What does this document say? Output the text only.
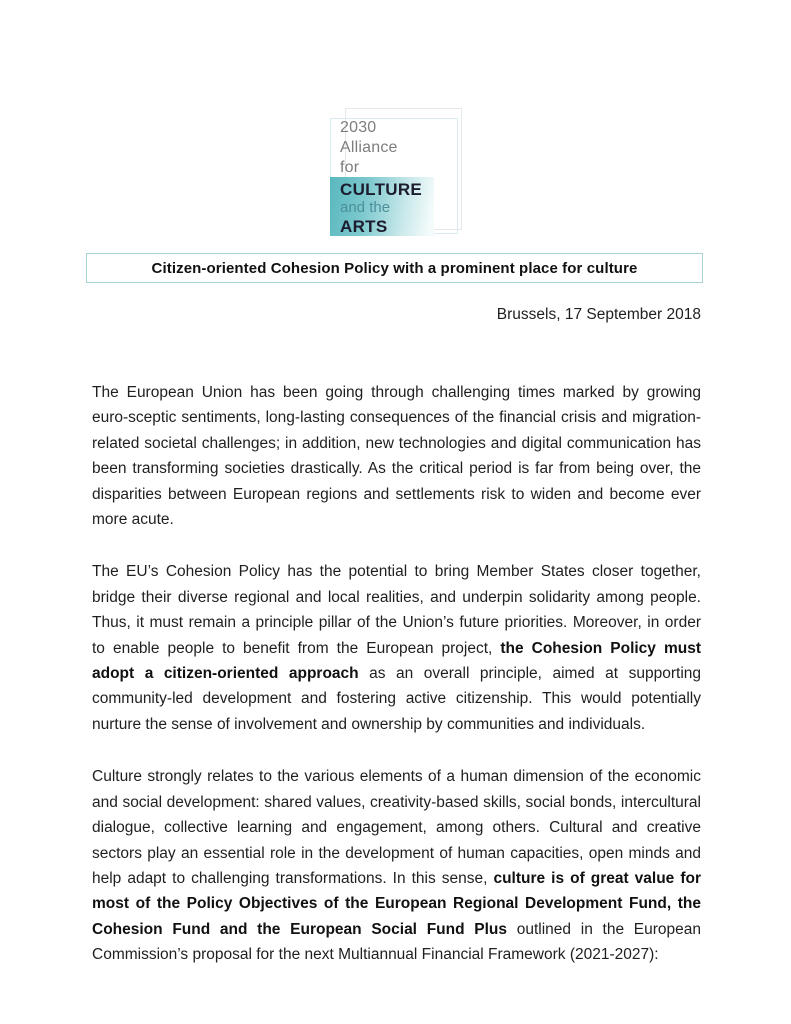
2030
Alliance
for
CULTURE
and the
ARTS
Citizen-oriented Cohesion Policy with a prominent place for culture
Brussels, 17 September 2018

The European Union has been going through challenging times marked by growing euro-sceptic sentiments, long-lasting consequences of the financial crisis and migration-related societal challenges; in addition, new technologies and digital communication has been transforming societies drastically. As the critical period is far from being over, the disparities between European regions and settlements risk to widen and become ever more acute.

The EU’s Cohesion Policy has the potential to bring Member States closer together, bridge their diverse regional and local realities, and underpin solidarity among people. Thus, it must remain a principle pillar of the Union’s future priorities. Moreover, in order to enable people to benefit from the European project, the Cohesion Policy must adopt a citizen-oriented approach as an overall principle, aimed at supporting community-led development and fostering active citizenship. This would potentially nurture the sense of involvement and ownership by communities and individuals.

Culture strongly relates to the various elements of a human dimension of the economic and social development: shared values, creativity-based skills, social bonds, intercultural dialogue, collective learning and engagement, among others. Cultural and creative sectors play an essential role in the development of human capacities, open minds and help adapt to challenging transformations. In this sense, culture is of great value for most of the Policy Objectives of the European Regional Development Fund, the Cohesion Fund and the European Social Fund Plus outlined in the European Commission’s proposal for the next Multiannual Financial Framework (2021-2027):
